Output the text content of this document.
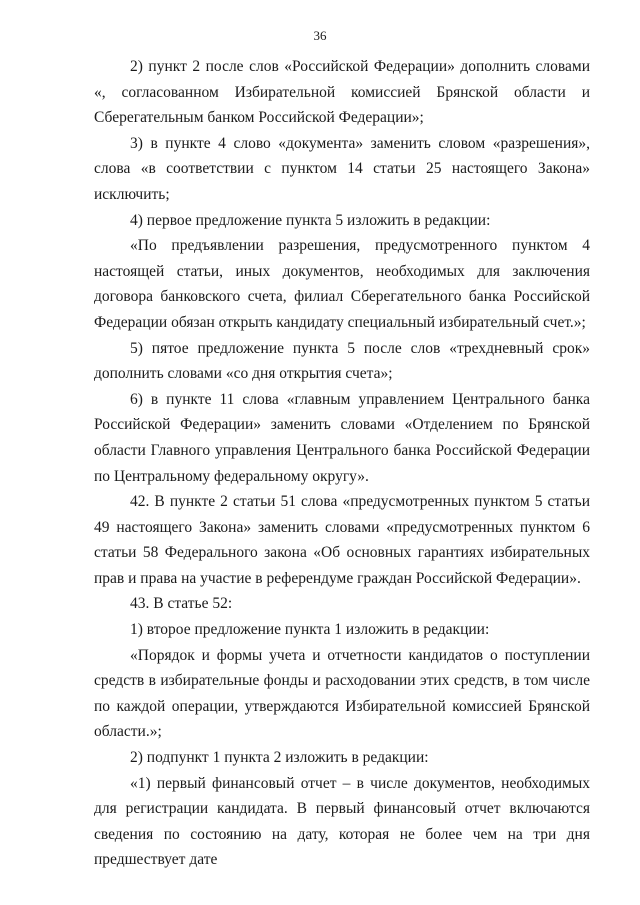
36

2) пункт 2 после слов «Российской Федерации» дополнить словами «, согласованном Избирательной комиссией Брянской области и Сберегательным банком Российской Федерации»;

3) в пункте 4 слово «документа» заменить словом «разрешения», слова «в соответствии с пунктом 14 статьи 25 настоящего Закона» исключить;

4) первое предложение пункта 5 изложить в редакции:

«По предъявлении разрешения, предусмотренного пунктом 4 настоящей статьи, иных документов, необходимых для заключения договора банковского счета, филиал Сберегательного банка Российской Федерации обязан открыть кандидату специальный избирательный счет.»;

5) пятое предложение пункта 5 после слов «трехдневный срок» дополнить словами «со дня открытия счета»;

6) в пункте 11 слова «главным управлением Центрального банка Российской Федерации» заменить словами «Отделением по Брянской области Главного управления Центрального банка Российской Федерации по Центральному федеральному округу».

42. В пункте 2 статьи 51 слова «предусмотренных пунктом 5 статьи 49 настоящего Закона» заменить словами «предусмотренных пунктом 6 статьи 58 Федерального закона «Об основных гарантиях избирательных прав и права на участие в референдуме граждан Российской Федерации».

43. В статье 52:

1) второе предложение пункта 1 изложить в редакции:

«Порядок и формы учета и отчетности кандидатов о поступлении средств в избирательные фонды и расходовании этих средств, в том числе по каждой операции, утверждаются Избирательной комиссией Брянской области.»;

2) подпункт 1 пункта 2 изложить в редакции:

«1) первый финансовый отчет – в числе документов, необходимых для регистрации кандидата. В первый финансовый отчет включаются сведения по состоянию на дату, которая не более чем на три дня предшествует дате
